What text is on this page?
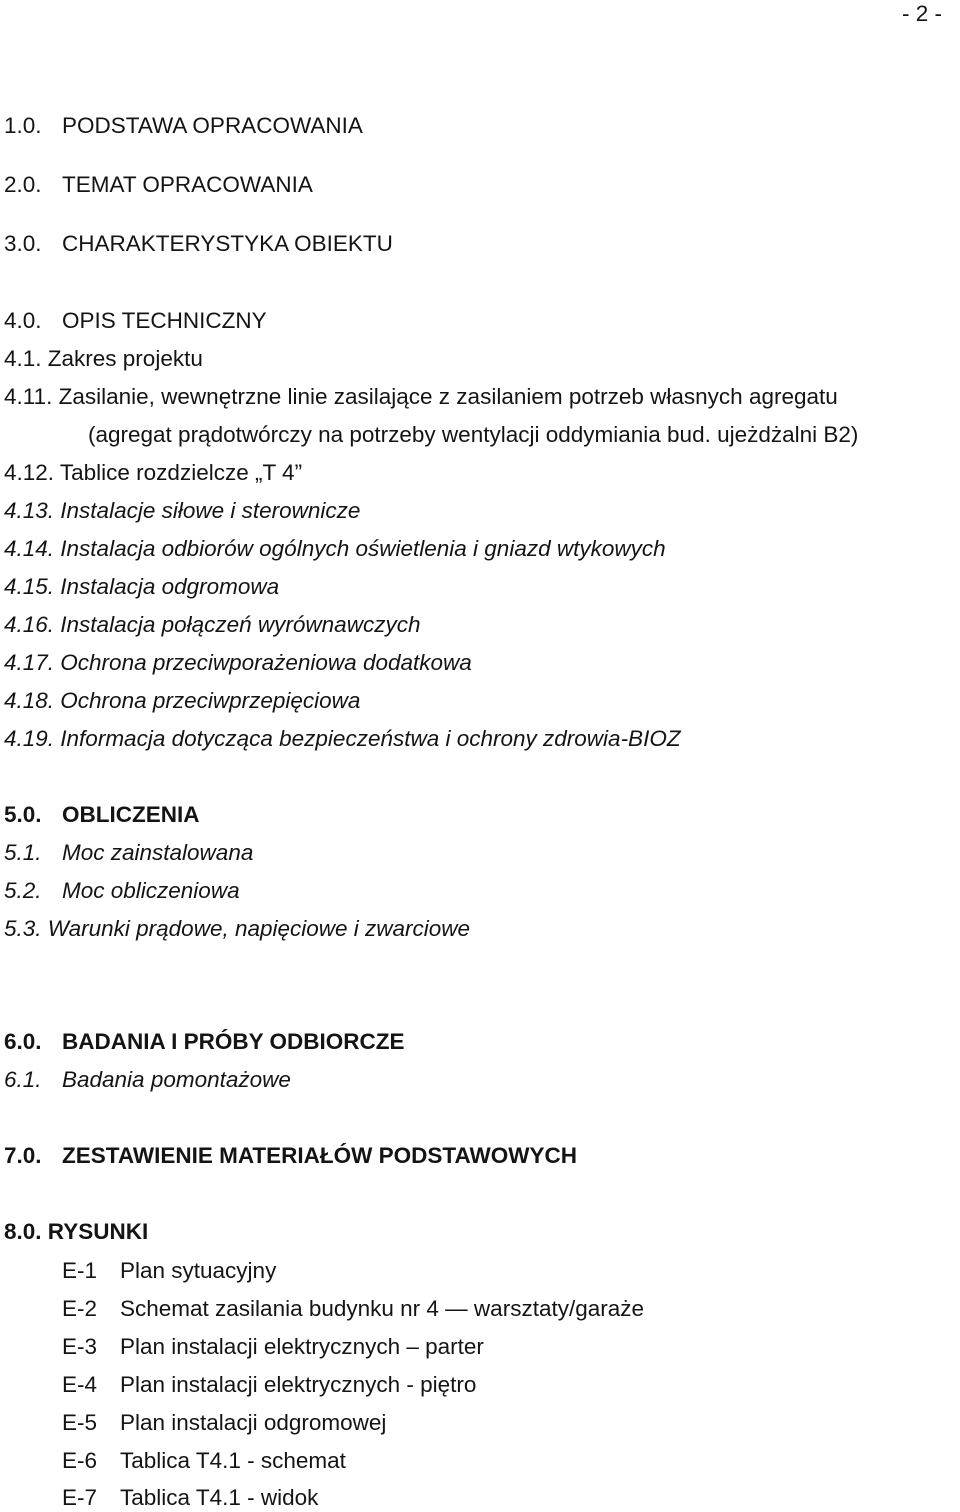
- 2 -
1.0. PODSTAWA OPRACOWANIA
2.0. TEMAT OPRACOWANIA
3.0. CHARAKTERYSTYKA OBIEKTU
4.0. OPIS TECHNICZNY
4.1. Zakres projektu
4.11. Zasilanie, wewnętrzne linie zasilające z zasilaniem potrzeb własnych agregatu
(agregat prądotwórczy na potrzeby wentylacji oddymiania bud. ujeżdżalni B2)
4.12. Tablice rozdzielcze „T 4”
4.13. Instalacje siłowe i sterownicze
4.14. Instalacja odbiorów ogólnych oświetlenia i gniazd wtykowych
4.15. Instalacja odgromowa
4.16. Instalacja połączeń wyrównawczych
4.17. Ochrona przeciwporażeniowa dodatkowa
4.18. Ochrona przeciwprzepięciowa
4.19. Informacja dotycząca bezpieczeństwa i ochrony zdrowia-BIOZ
5.0. OBLICZENIA
5.1. Moc zainstalowana
5.2. Moc obliczeniowa
5.3. Warunki prądowe, napięciowe i zwarciowe
6.0. BADANIA I PRÓBY ODBIORCZE
6.1. Badania pomontażowe
7.0. ZESTAWIENIE MATERIAŁÓW PODSTAWOWYCH
8.0. RYSUNKI
E-1 Plan sytuacyjny
E-2 Schemat zasilania budynku nr 4 — warsztaty/garaże
E-3 Plan instalacji elektrycznych – parter
E-4 Plan instalacji elektrycznych - piętro
E-5 Plan instalacji odgromowej
E-6 Tablica T4.1 - schemat
E-7 Tablica T4.1 - widok
